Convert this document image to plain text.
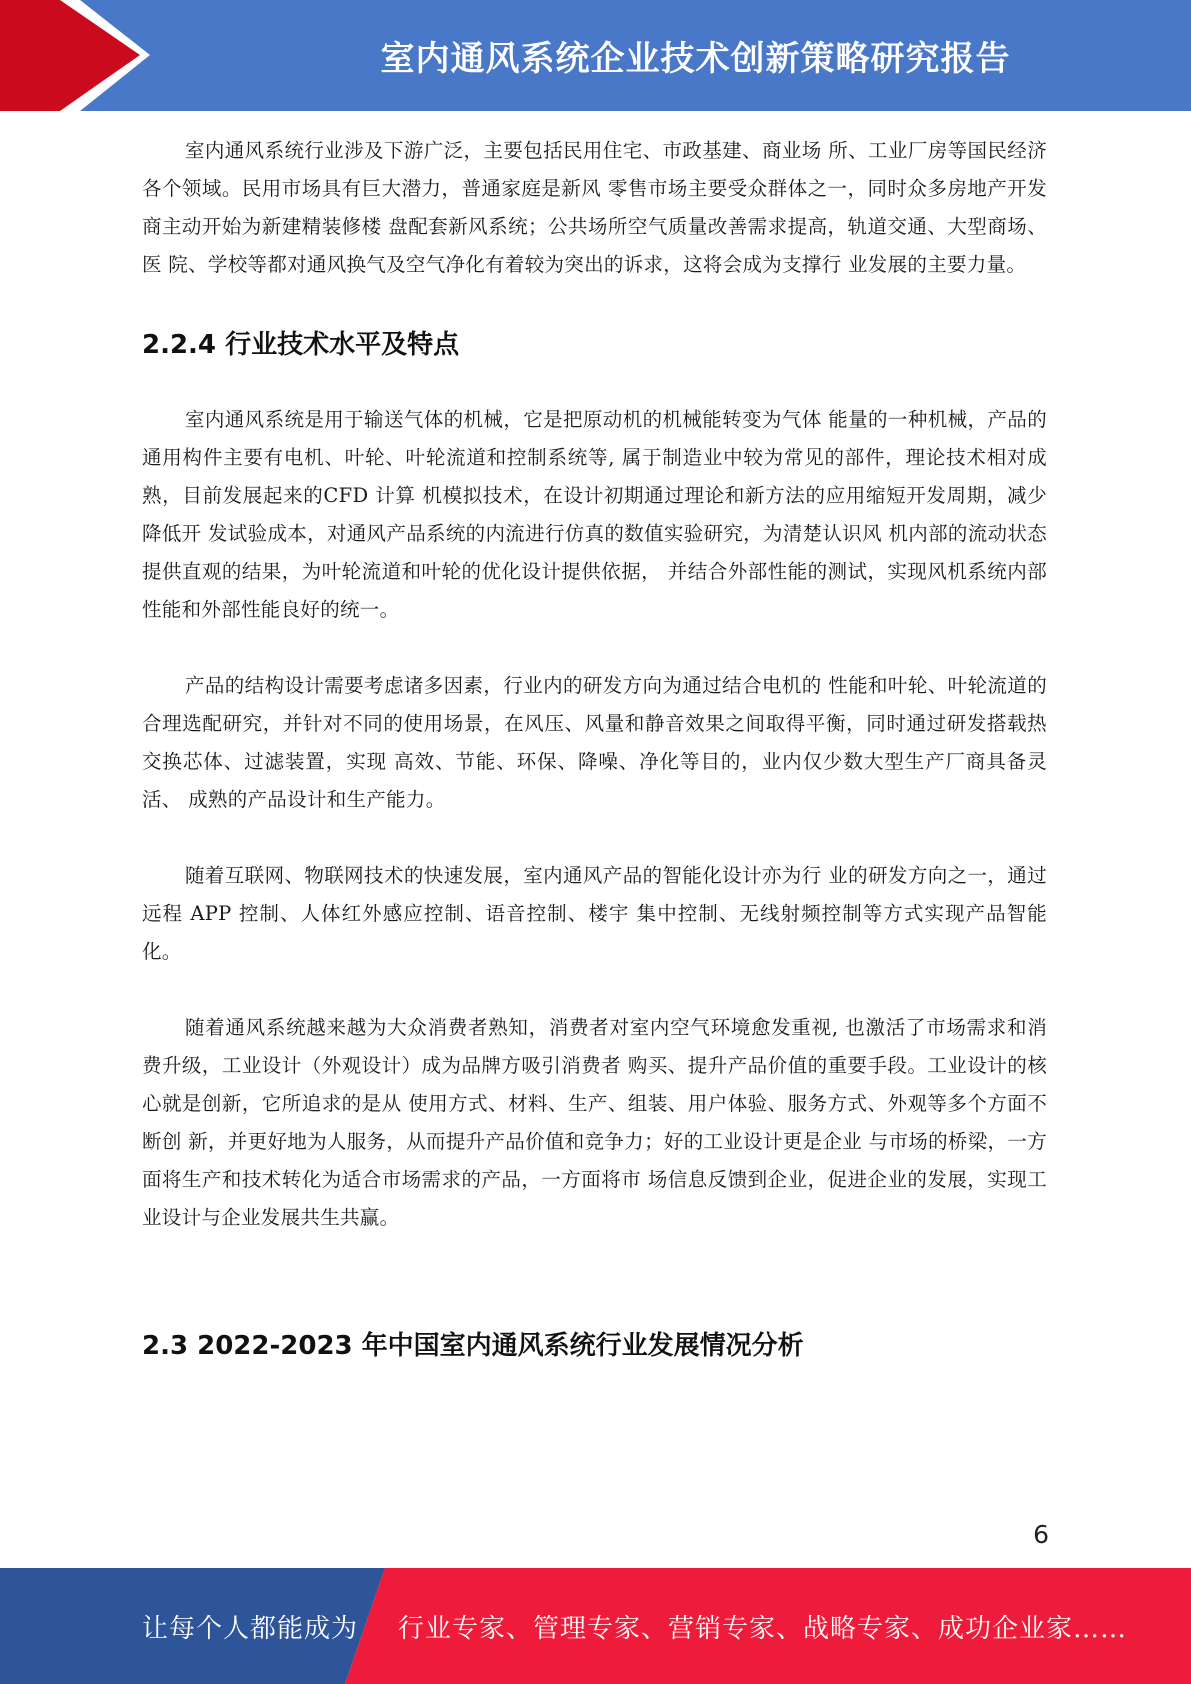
室内通风系统企业技术创新策略研究报告

室内通风系统行业涉及下游广泛，主要包括民用住宅、市政基建、商业场 所、工业厂房等国民经济各个领域。民用市场具有巨大潜力，普通家庭是新风 零售市场主要受众群体之一，同时众多房地产开发商主动开始为新建精装修楼 盘配套新风系统；公共场所空气质量改善需求提高，轨道交通、大型商场、医 院、学校等都对通风换气及空气净化有着较为突出的诉求，这将会成为支撑行 业发展的主要力量。

2.2.4 行业技术水平及特点

室内通风系统是用于输送气体的机械，它是把原动机的机械能转变为气体 能量的一种机械，产品的通用构件主要有电机、叶轮、叶轮流道和控制系统等, 属于制造业中较为常见的部件，理论技术相对成熟，目前发展起来的CFD 计算 机模拟技术，在设计初期通过理论和新方法的应用缩短开发周期，减少降低开 发试验成本，对通风产品系统的内流进行仿真的数值实验研究，为清楚认识风 机内部的流动状态提供直观的结果，为叶轮流道和叶轮的优化设计提供依据， 并结合外部性能的测试，实现风机系统内部性能和外部性能良好的统一。

产品的结构设计需要考虑诸多因素，行业内的研发方向为通过结合电机的 性能和叶轮、叶轮流道的合理选配研究，并针对不同的使用场景，在风压、风量和静音效果之间取得平衡，同时通过研发搭载热交换芯体、过滤装置，实现 高效、节能、环保、降噪、净化等目的，业内仅少数大型生产厂商具备灵活、 成熟的产品设计和生产能力。

随着互联网、物联网技术的快速发展，室内通风产品的智能化设计亦为行 业的研发方向之一，通过远程 APP 控制、人体红外感应控制、语音控制、楼宇 集中控制、无线射频控制等方式实现产品智能化。

随着通风系统越来越为大众消费者熟知，消费者对室内空气环境愈发重视, 也激活了市场需求和消费升级，工业设计（外观设计）成为品牌方吸引消费者 购买、提升产品价值的重要手段。工业设计的核心就是创新，它所追求的是从 使用方式、材料、生产、组装、用户体验、服务方式、外观等多个方面不断创 新，并更好地为人服务，从而提升产品价值和竞争力；好的工业设计更是企业 与市场的桥梁，一方面将生产和技术转化为适合市场需求的产品，一方面将市 场信息反馈到企业，促进企业的发展，实现工业设计与企业发展共生共赢。

2.3 2022-2023 年中国室内通风系统行业发展情况分析
6
让每个人都能成为 行业专家、管理专家、营销专家、战略专家、成功企业家……
